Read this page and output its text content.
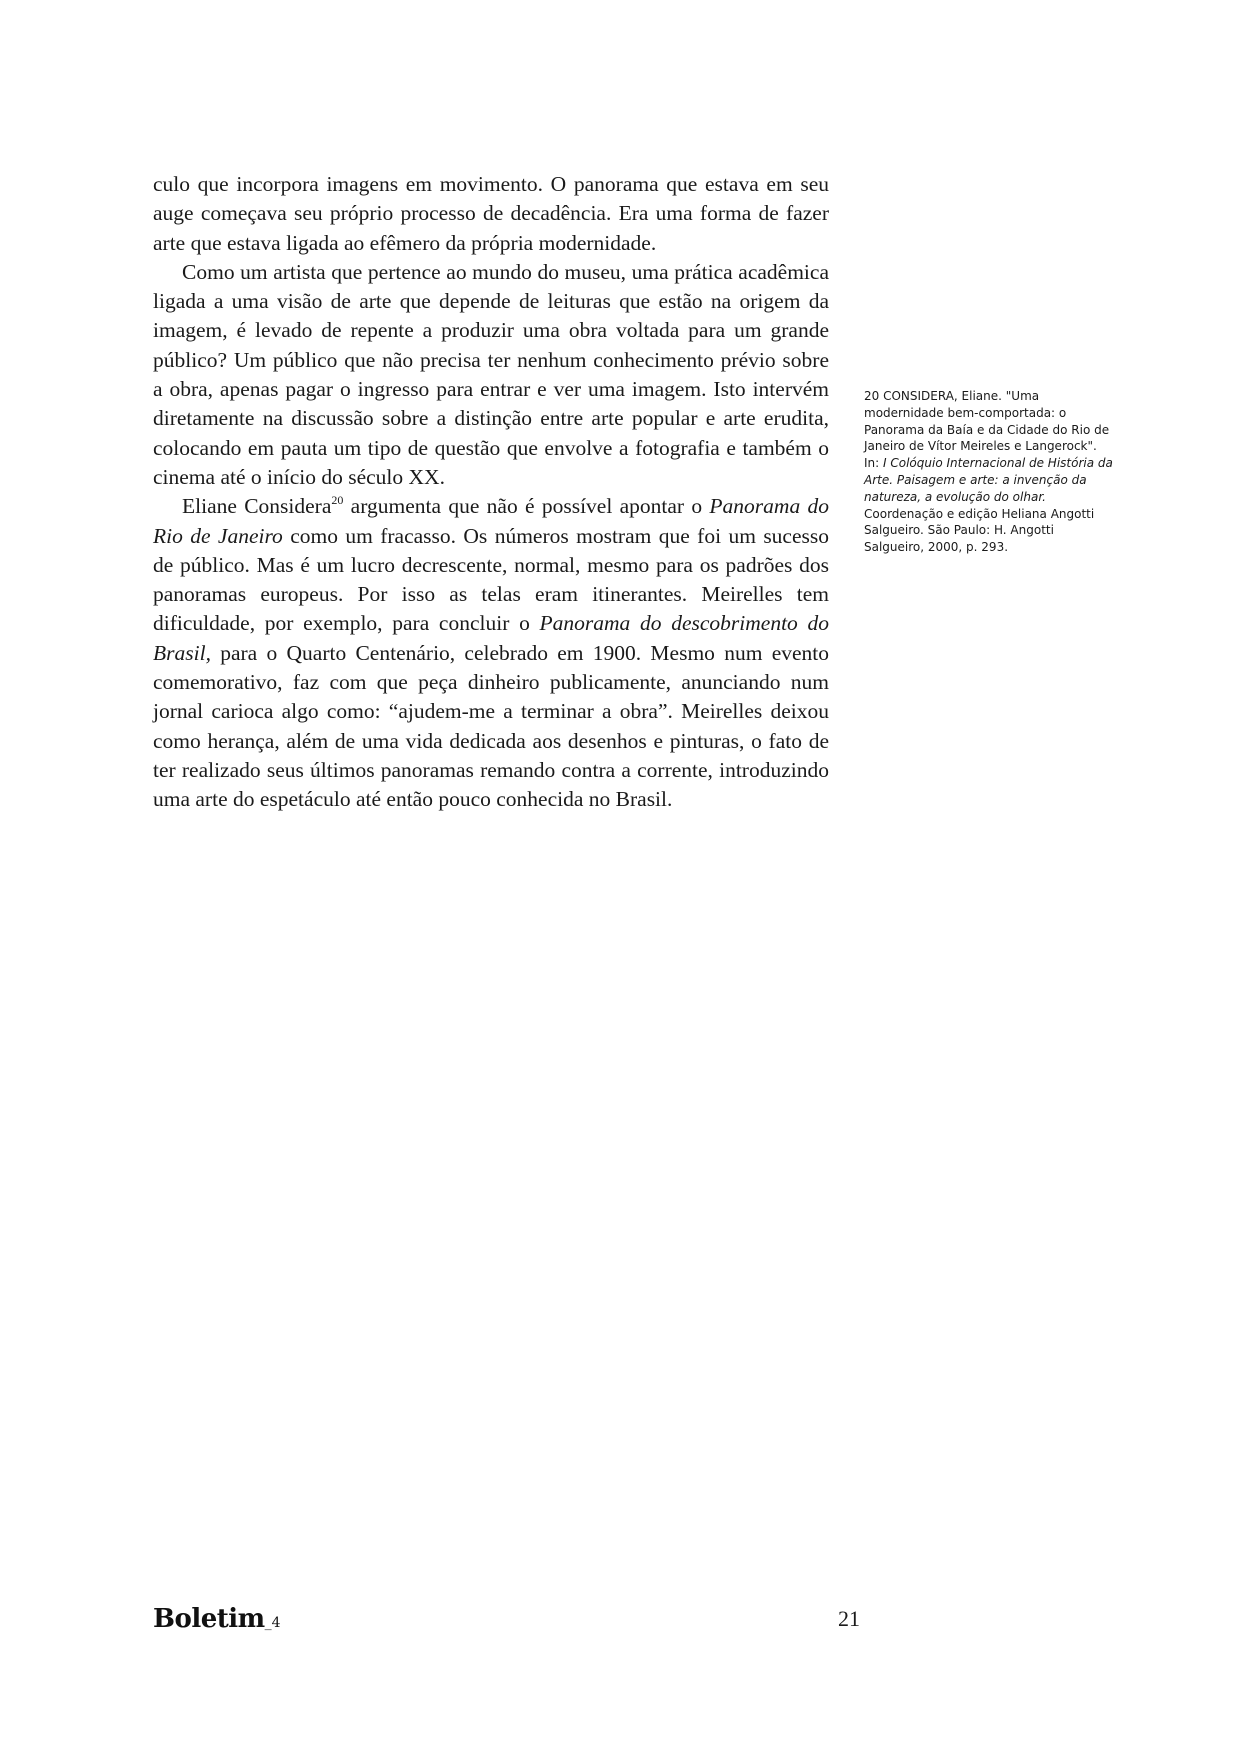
culo que incorpora imagens em movimento. O panorama que estava em seu auge começava seu próprio processo de decadência. Era uma forma de fazer arte que estava ligada ao efêmero da própria modernidade.

Como um artista que pertence ao mundo do museu, uma prática acadêmica ligada a uma visão de arte que depende de leituras que estão na origem da imagem, é levado de repente a produzir uma obra voltada para um grande público? Um público que não precisa ter nenhum conhecimento prévio sobre a obra, apenas pagar o ingresso para entrar e ver uma imagem. Isto intervém diretamente na discussão sobre a distinção entre arte popular e arte erudita, colocando em pauta um tipo de questão que envolve a fotografia e também o cinema até o início do século XX.

Eliane Considera$^{20}$ argumenta que não é possível apontar o Panorama do Rio de Janeiro como um fracasso. Os números mostram que foi um sucesso de público. Mas é um lucro decrescente, normal, mesmo para os padrões dos panoramas europeus. Por isso as telas eram itinerantes. Meirelles tem dificuldade, por exemplo, para concluir o Panorama do descobrimento do Brasil, para o Quarto Centenário, celebrado em 1900. Mesmo num evento comemorativo, faz com que peça dinheiro publicamente, anunciando num jornal carioca algo como: “ajudem-me a terminar a obra”. Meirelles deixou como herança, além de uma vida dedicada aos desenhos e pinturas, o fato de ter realizado seus últimos panoramas remando contra a corrente, introduzindo uma arte do espetáculo até então pouco conhecida no Brasil.

20 CONSIDERA, Eliane. "Uma modernidade bem-comportada: o Panorama da Baía e da Cidade do Rio de Janeiro de Vítor Meireles e Langerock". In: I Colóquio Internacional de História da Arte. Paisagem e arte: a invenção da natureza, a evolução do olhar. Coordenação e edição Heliana Angotti Salgueiro. São Paulo: H. Angotti Salgueiro, 2000, p. 293.
Boletim_4	21
